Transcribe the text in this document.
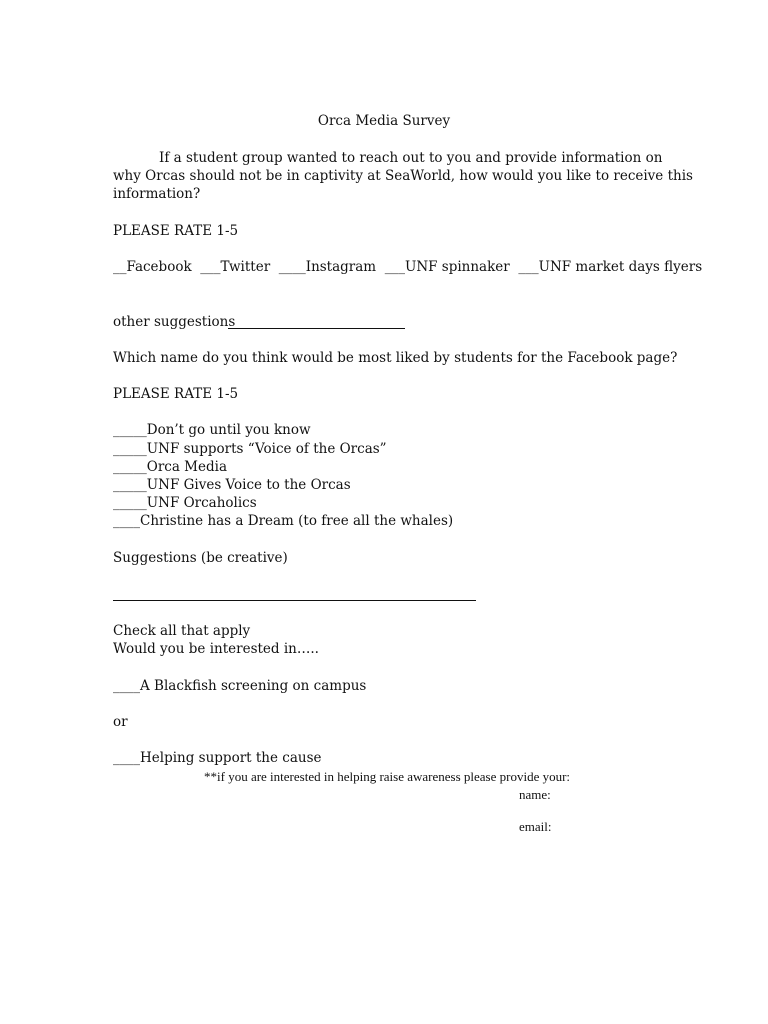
Orca Media Survey
If a student group wanted to reach out to you and provide information on
why Orcas should not be in captivity at SeaWorld, how would you like to receive this
information?
PLEASE RATE 1-5
__Facebook  ___Twitter  ____Instagram  ___UNF spinnaker  ___UNF market days flyers
other suggestions
Which name do you think would be most liked by students for the Facebook page?
PLEASE RATE 1-5
_____Don’t go until you know
_____UNF supports “Voice of the Orcas”
_____Orca Media
_____UNF Gives Voice to the Orcas
_____UNF Orcaholics
____Christine has a Dream (to free all the whales)
Suggestions (be creative)
Check all that apply
Would you be interested in…..
____A Blackfish screening on campus
or
____Helping support the cause
**if you are interested in helping raise awareness please provide your:
name:
email:
